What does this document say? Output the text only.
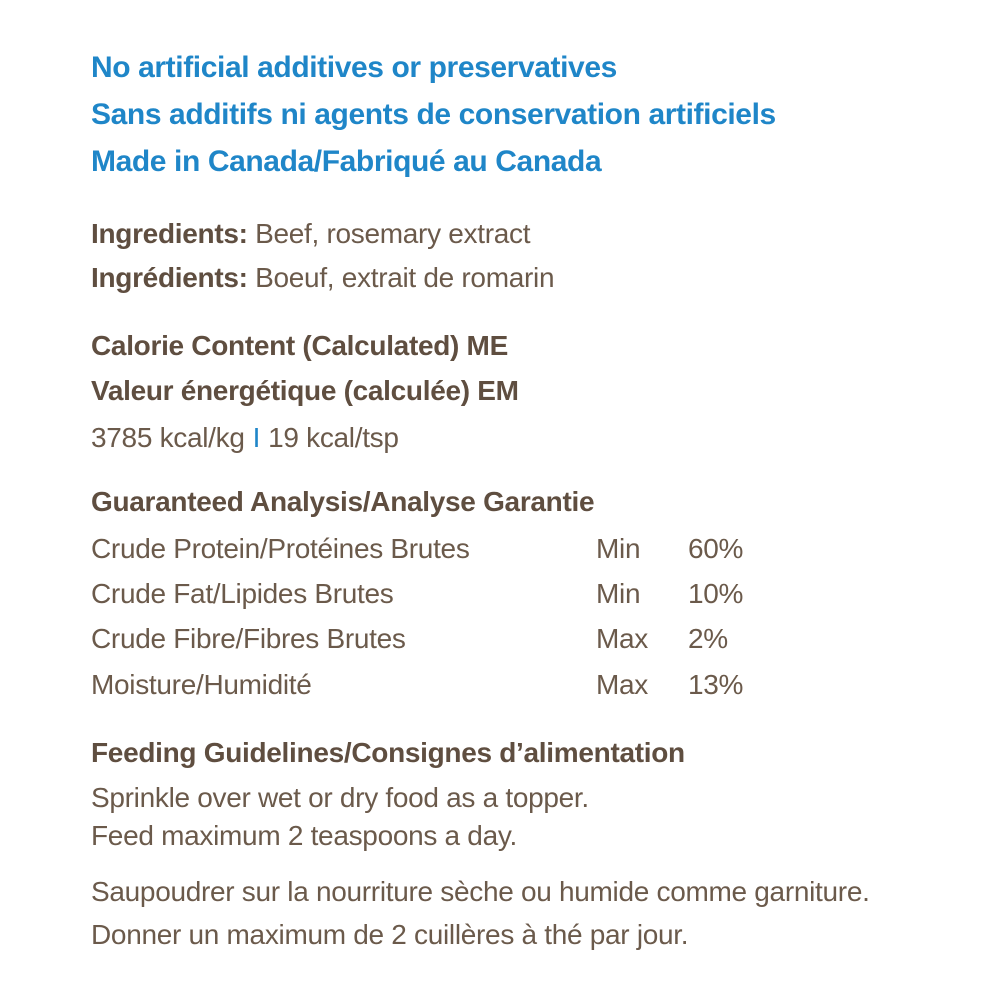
No artificial additives or preservatives
Sans additifs ni agents de conservation artificiels
Made in Canada/Fabriqué au Canada
Ingredients: Beef, rosemary extract
Ingrédients: Boeuf, extrait de romarin
Calorie Content (Calculated) ME
Valeur énergétique (calculée) EM
3785 kcal/kg I 19 kcal/tsp
Guaranteed Analysis/Analyse Garantie
Crude Protein/Protéines Brutes	Min 60%
Crude Fat/Lipides Brutes	Min 10%
Crude Fibre/Fibres Brutes	Max 2%
Moisture/Humidité	Max 13%
Feeding Guidelines/Consignes d’alimentation
Sprinkle over wet or dry food as a topper.
Feed maximum 2 teaspoons a day.
Saupoudrer sur la nourriture sèche ou humide comme garniture.
Donner un maximum de 2 cuillères à thé par jour.
